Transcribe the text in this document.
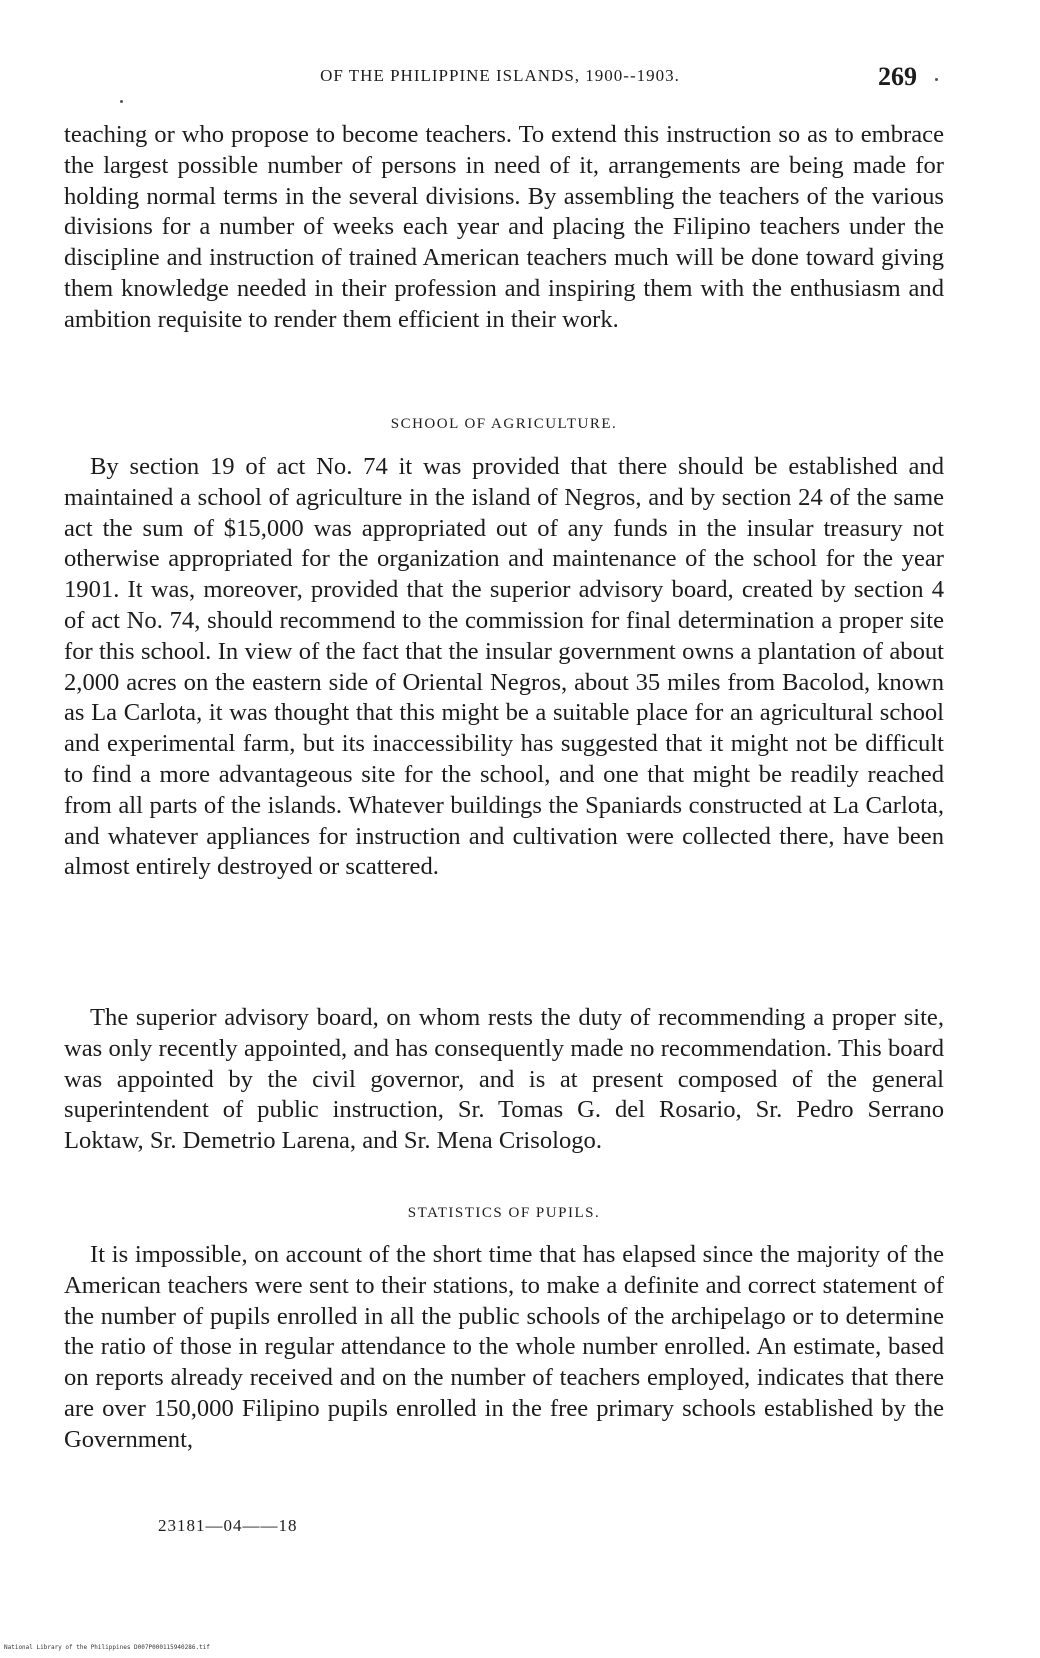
OF THE PHILIPPINE ISLANDS, 1900--1903.	269

teaching or who propose to become teachers. To extend this instruction so as to embrace the largest possible number of persons in need of it, arrangements are being made for holding normal terms in the several divisions. By assembling the teachers of the various divisions for a number of weeks each year and placing the Filipino teachers under the discipline and instruction of trained American teachers much will be done toward giving them knowledge needed in their profession and inspiring them with the enthusiasm and ambition requisite to render them efficient in their work.

SCHOOL OF AGRICULTURE.

By section 19 of act No. 74 it was provided that there should be established and maintained a school of agriculture in the island of Negros, and by section 24 of the same act the sum of $15,000 was appropriated out of any funds in the insular treasury not otherwise appropriated for the organization and maintenance of the school for the year 1901. It was, moreover, provided that the superior advisory board, created by section 4 of act No. 74, should recommend to the commission for final determination a proper site for this school. In view of the fact that the insular government owns a plantation of about 2,000 acres on the eastern side of Oriental Negros, about 35 miles from Bacolod, known as La Carlota, it was thought that this might be a suitable place for an agricultural school and experimental farm, but its inaccessibility has suggested that it might not be difficult to find a more advantageous site for the school, and one that might be readily reached from all parts of the islands. Whatever buildings the Spaniards constructed at La Carlota, and whatever appliances for instruction and cultivation were collected there, have been almost entirely destroyed or scattered.

The superior advisory board, on whom rests the duty of recommending a proper site, was only recently appointed, and has consequently made no recommendation. This board was appointed by the civil governor, and is at present composed of the general superintendent of public instruction, Sr. Tomas G. del Rosario, Sr. Pedro Serrano Loktaw, Sr. Demetrio Larena, and Sr. Mena Crisologo.

STATISTICS OF PUPILS.

It is impossible, on account of the short time that has elapsed since the majority of the American teachers were sent to their stations, to make a definite and correct statement of the number of pupils enrolled in all the public schools of the archipelago or to determine the ratio of those in regular attendance to the whole number enrolled. An estimate, based on reports already received and on the number of teachers employed, indicates that there are over 150,000 Filipino pupils enrolled in the free primary schools established by the Government,

23181—04——18
National Library of the Philippines D007P000115940286.tif
